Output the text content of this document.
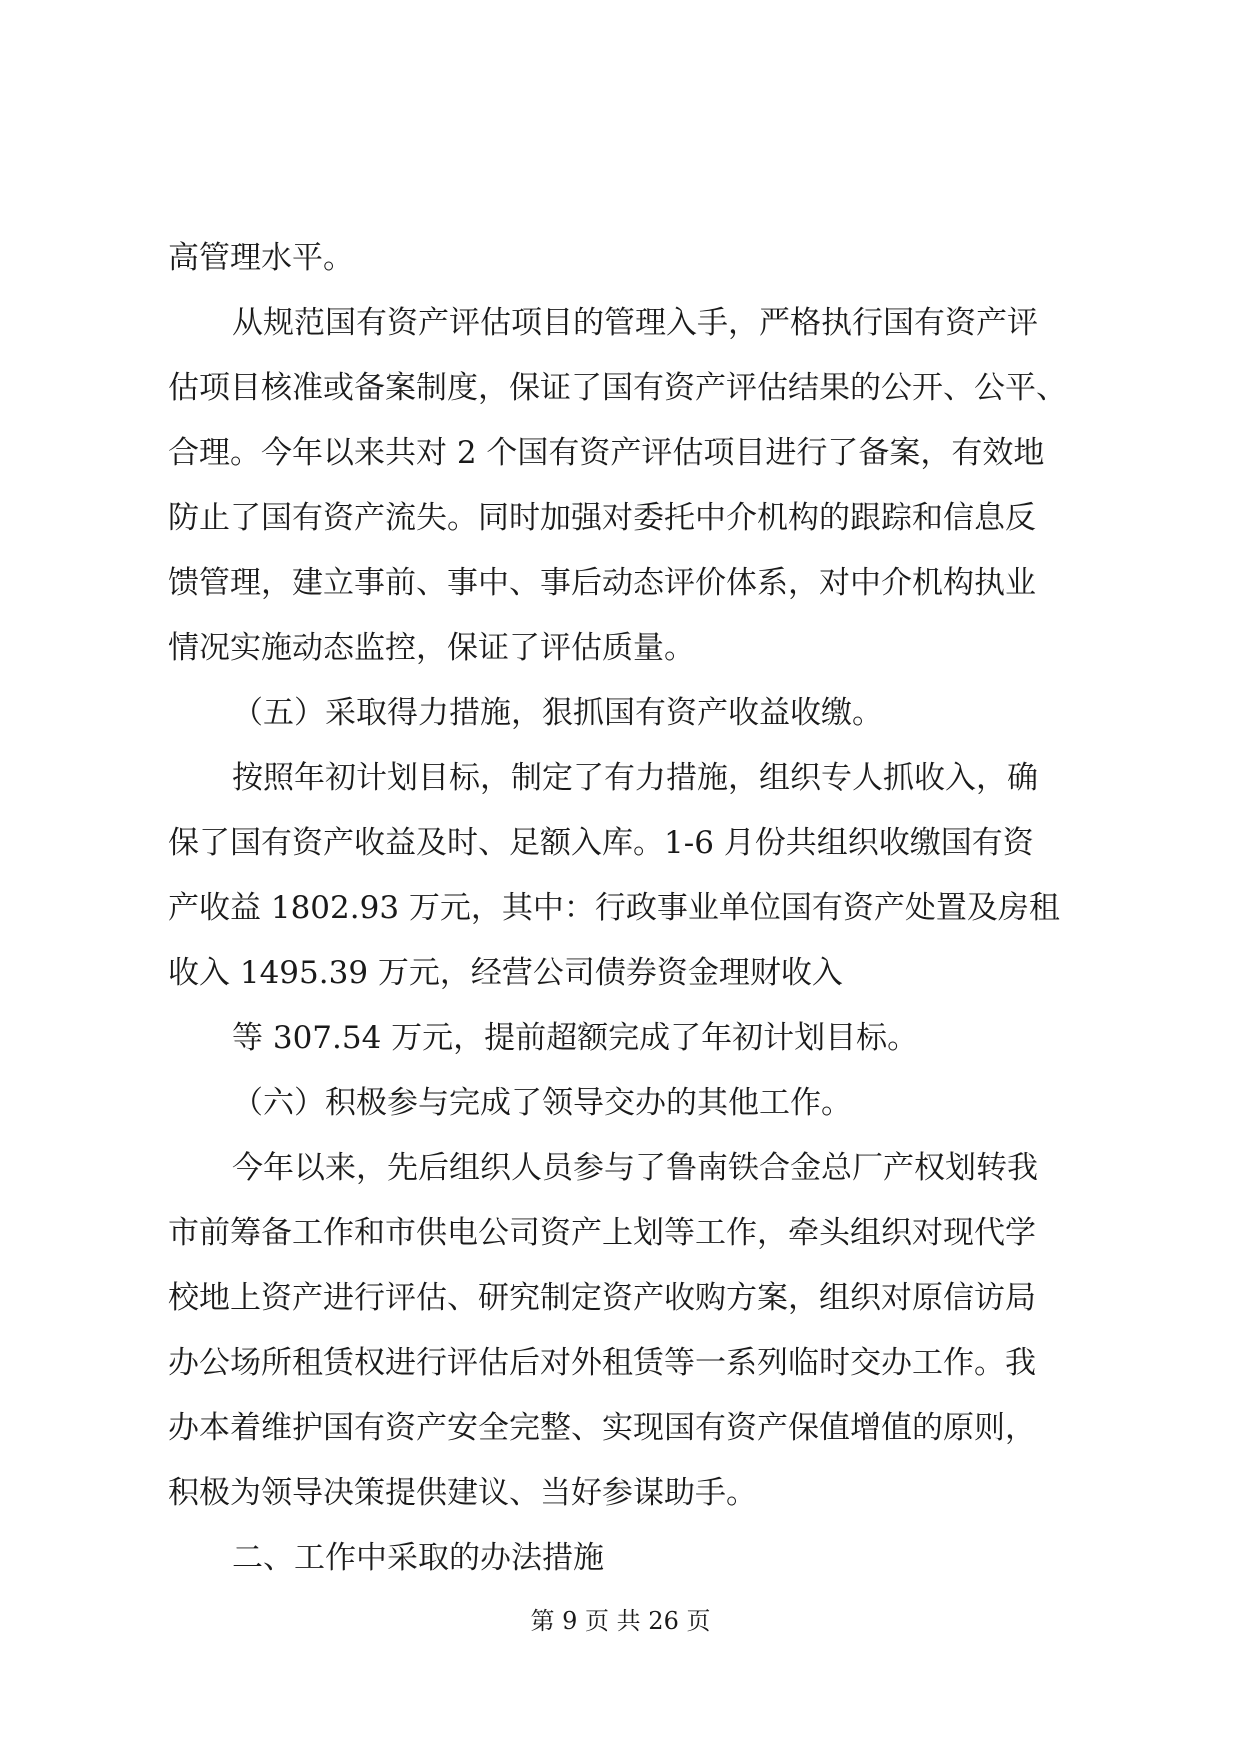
高管理水平。
从规范国有资产评估项目的管理入手，严格执行国有资产评
估项目核准或备案制度，保证了国有资产评估结果的公开、公平、
合理。今年以来共对 2 个国有资产评估项目进行了备案，有效地
防止了国有资产流失。同时加强对委托中介机构的跟踪和信息反
馈管理，建立事前、事中、事后动态评价体系，对中介机构执业
情况实施动态监控，保证了评估质量。
（五）采取得力措施，狠抓国有资产收益收缴。
按照年初计划目标，制定了有力措施，组织专人抓收入，确
保了国有资产收益及时、足额入库。1-6 月份共组织收缴国有资
产收益 1802.93 万元，其中：行政事业单位国有资产处置及房租
收入 1495.39 万元，经营公司债券资金理财收入
等 307.54 万元，提前超额完成了年初计划目标。
（六）积极参与完成了领导交办的其他工作。
今年以来，先后组织人员参与了鲁南铁合金总厂产权划转我
市前筹备工作和市供电公司资产上划等工作，牵头组织对现代学
校地上资产进行评估、研究制定资产收购方案，组织对原信访局
办公场所租赁权进行评估后对外租赁等一系列临时交办工作。我
办本着维护国有资产安全完整、实现国有资产保值增值的原则，
积极为领导决策提供建议、当好参谋助手。
二、工作中采取的办法措施
第 9 页 共 26 页
